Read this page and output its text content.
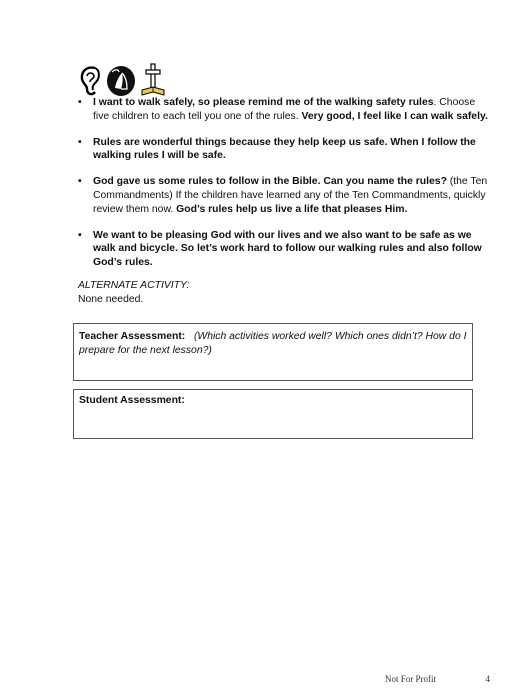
• I want to walk safely, so please remind me of the walking safety rules. Choose five children to each tell you one of the rules. Very good, I feel like I can walk safely.
• Rules are wonderful things because they help keep us safe. When I follow the walking rules I will be safe.
• God gave us some rules to follow in the Bible. Can you name the rules? (the Ten Commandments) If the children have learned any of the Ten Commandments, quickly review them now. God’s rules help us live a life that pleases Him.
• We want to be pleasing God with our lives and we also want to be safe as we walk and bicycle. So let’s work hard to follow our walking rules and also follow God’s rules.
ALTERNATE ACTIVITY:
None needed.
Teacher Assessment: (Which activities worked well? Which ones didn’t? How do I prepare for the next lesson?)
Student Assessment:
Not For Profit	4
